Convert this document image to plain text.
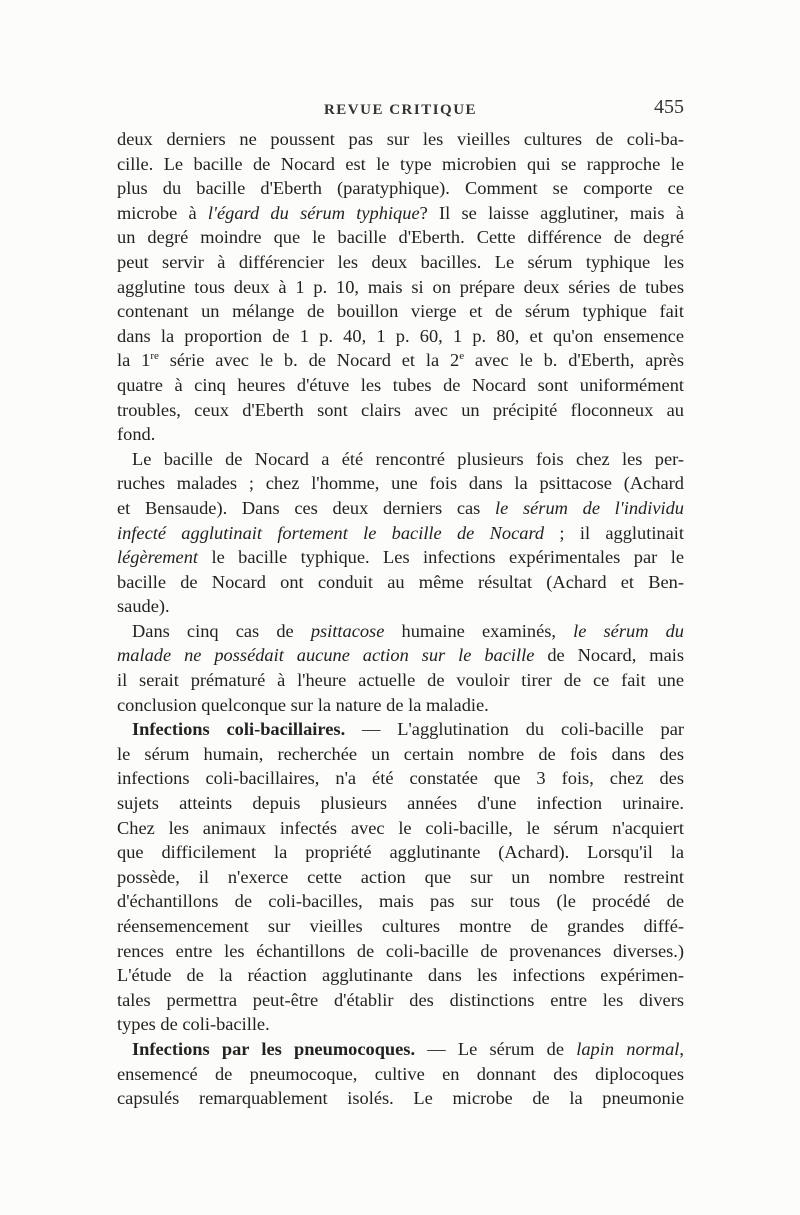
REVUE CRITIQUE	455
deux derniers ne poussent pas sur les vieilles cultures de coli-ba-
cille. Le bacille de Nocard est le type microbien qui se rapproche le
plus du bacille d'Eberth (paratyphique). Comment se comporte ce
microbe à l'égard du sérum typhique? Il se laisse agglutiner, mais à
un degré moindre que le bacille d'Eberth. Cette différence de degré
peut servir à différencier les deux bacilles. Le sérum typhique les
agglutine tous deux à 1 p. 10, mais si on prépare deux séries de tubes
contenant un mélange de bouillon vierge et de sérum typhique fait
dans la proportion de 1 p. 40, 1 p. 60, 1 p. 80, et qu'on ensemence
la 1re série avec le b. de Nocard et la 2e avec le b. d'Eberth, après
quatre à cinq heures d'étuve les tubes de Nocard sont uniformément
troubles, ceux d'Eberth sont clairs avec un précipité floconneux au
fond.
Le bacille de Nocard a été rencontré plusieurs fois chez les per-
ruches malades ; chez l'homme, une fois dans la psittacose (Achard
et Bensaude). Dans ces deux derniers cas le sérum de l'individu
infecté agglutinait fortement le bacille de Nocard ; il agglutinait
légèrement le bacille typhique. Les infections expérimentales par le
bacille de Nocard ont conduit au même résultat (Achard et Ben-
saude).
Dans cinq cas de psittacose humaine examinés, le sérum du
malade ne possédait aucune action sur le bacille de Nocard, mais
il serait prématuré à l'heure actuelle de vouloir tirer de ce fait une
conclusion quelconque sur la nature de la maladie.
Infections coli-bacillaires. — L'agglutination du coli-bacille par
le sérum humain, recherchée un certain nombre de fois dans des
infections coli-bacillaires, n'a été constatée que 3 fois, chez des
sujets atteints depuis plusieurs années d'une infection urinaire.
Chez les animaux infectés avec le coli-bacille, le sérum n'acquiert
que difficilement la propriété agglutinante (Achard). Lorsqu'il la
possède, il n'exerce cette action que sur un nombre restreint
d'échantillons de coli-bacilles, mais pas sur tous (le procédé de
réensemencement sur vieilles cultures montre de grandes diffé-
rences entre les échantillons de coli-bacille de provenances diverses.)
L'étude de la réaction agglutinante dans les infections expérimen-
tales permettra peut-être d'établir des distinctions entre les divers
types de coli-bacille.
Infections par les pneumocoques. — Le sérum de lapin normal,
ensemencé de pneumocoque, cultive en donnant des diplocoques
capsulés remarquablement isolés. Le microbe de la pneumonie
